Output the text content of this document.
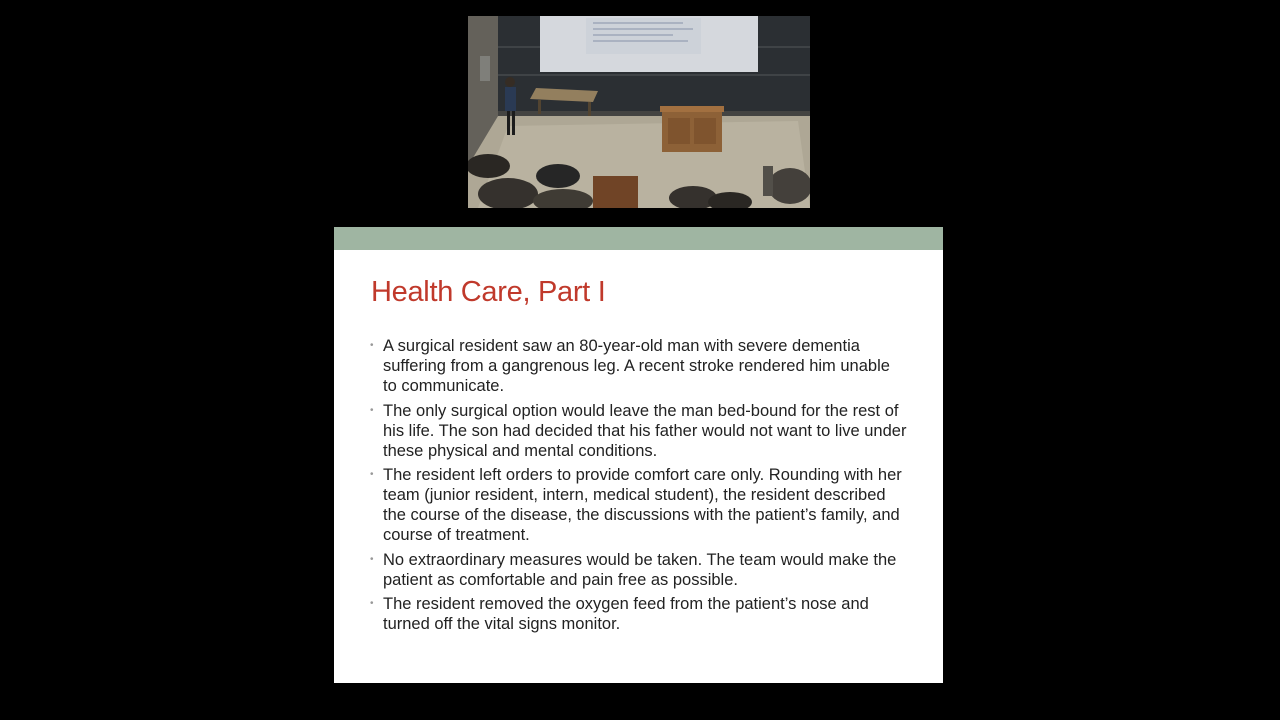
Health Care, Part I
• A surgical resident saw an 80-year-old man with severe dementia suffering from a gangrenous leg. A recent stroke rendered him unable to communicate.
• The only surgical option would leave the man bed-bound for the rest of his life. The son had decided that his father would not want to live under these physical and mental conditions.
• The resident left orders to provide comfort care only. Rounding with her team (junior resident, intern, medical student), the resident described the course of the disease, the discussions with the patient’s family, and course of treatment.
• No extraordinary measures would be taken. The team would make the patient as comfortable and pain free as possible.
• The resident removed the oxygen feed from the patient’s nose and turned off the vital signs monitor.
